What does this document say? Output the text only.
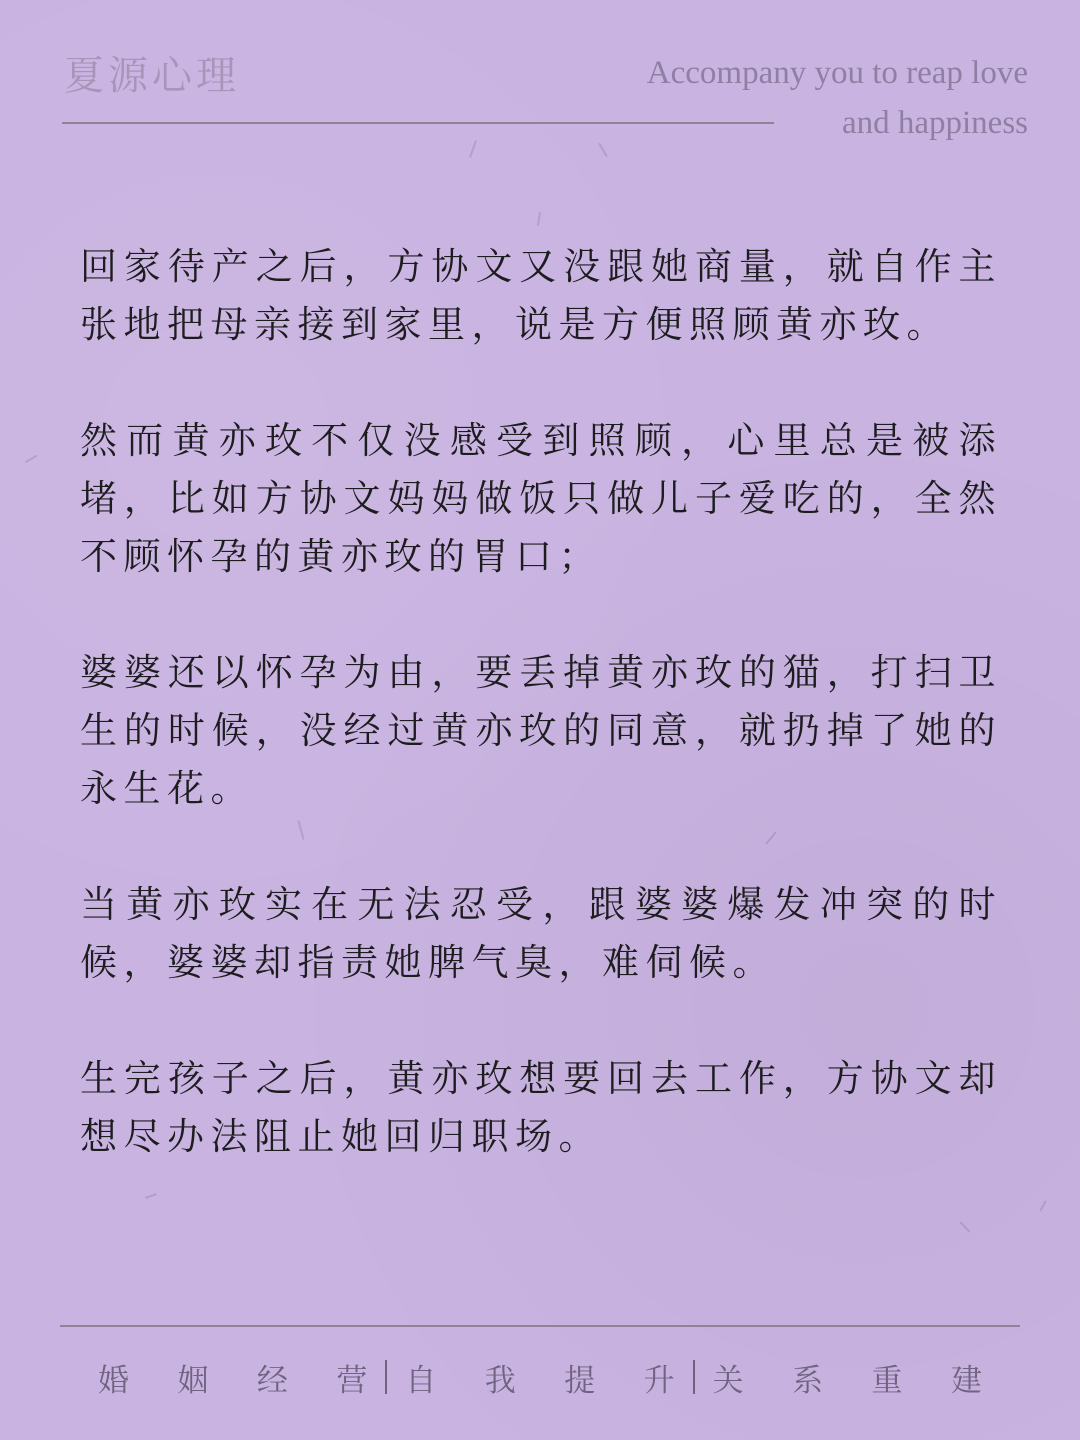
夏源心理	Accompany you to reap love
and happiness

回家待产之后，方协文又没跟她商量，就自作主张地把母亲接到家里，说是方便照顾黄亦玫。

然而黄亦玫不仅没感受到照顾，心里总是被添堵，比如方协文妈妈做饭只做儿子爱吃的，全然不顾怀孕的黄亦玫的胃口；

婆婆还以怀孕为由，要丢掉黄亦玫的猫，打扫卫生的时候，没经过黄亦玫的同意，就扔掉了她的永生花。

当黄亦玫实在无法忍受，跟婆婆爆发冲突的时候，婆婆却指责她脾气臭，难伺候。

生完孩子之后，黄亦玫想要回去工作，方协文却想尽办法阻止她回归职场。

婚 姻 经 营 自 我 提 升 关 系 重 建
